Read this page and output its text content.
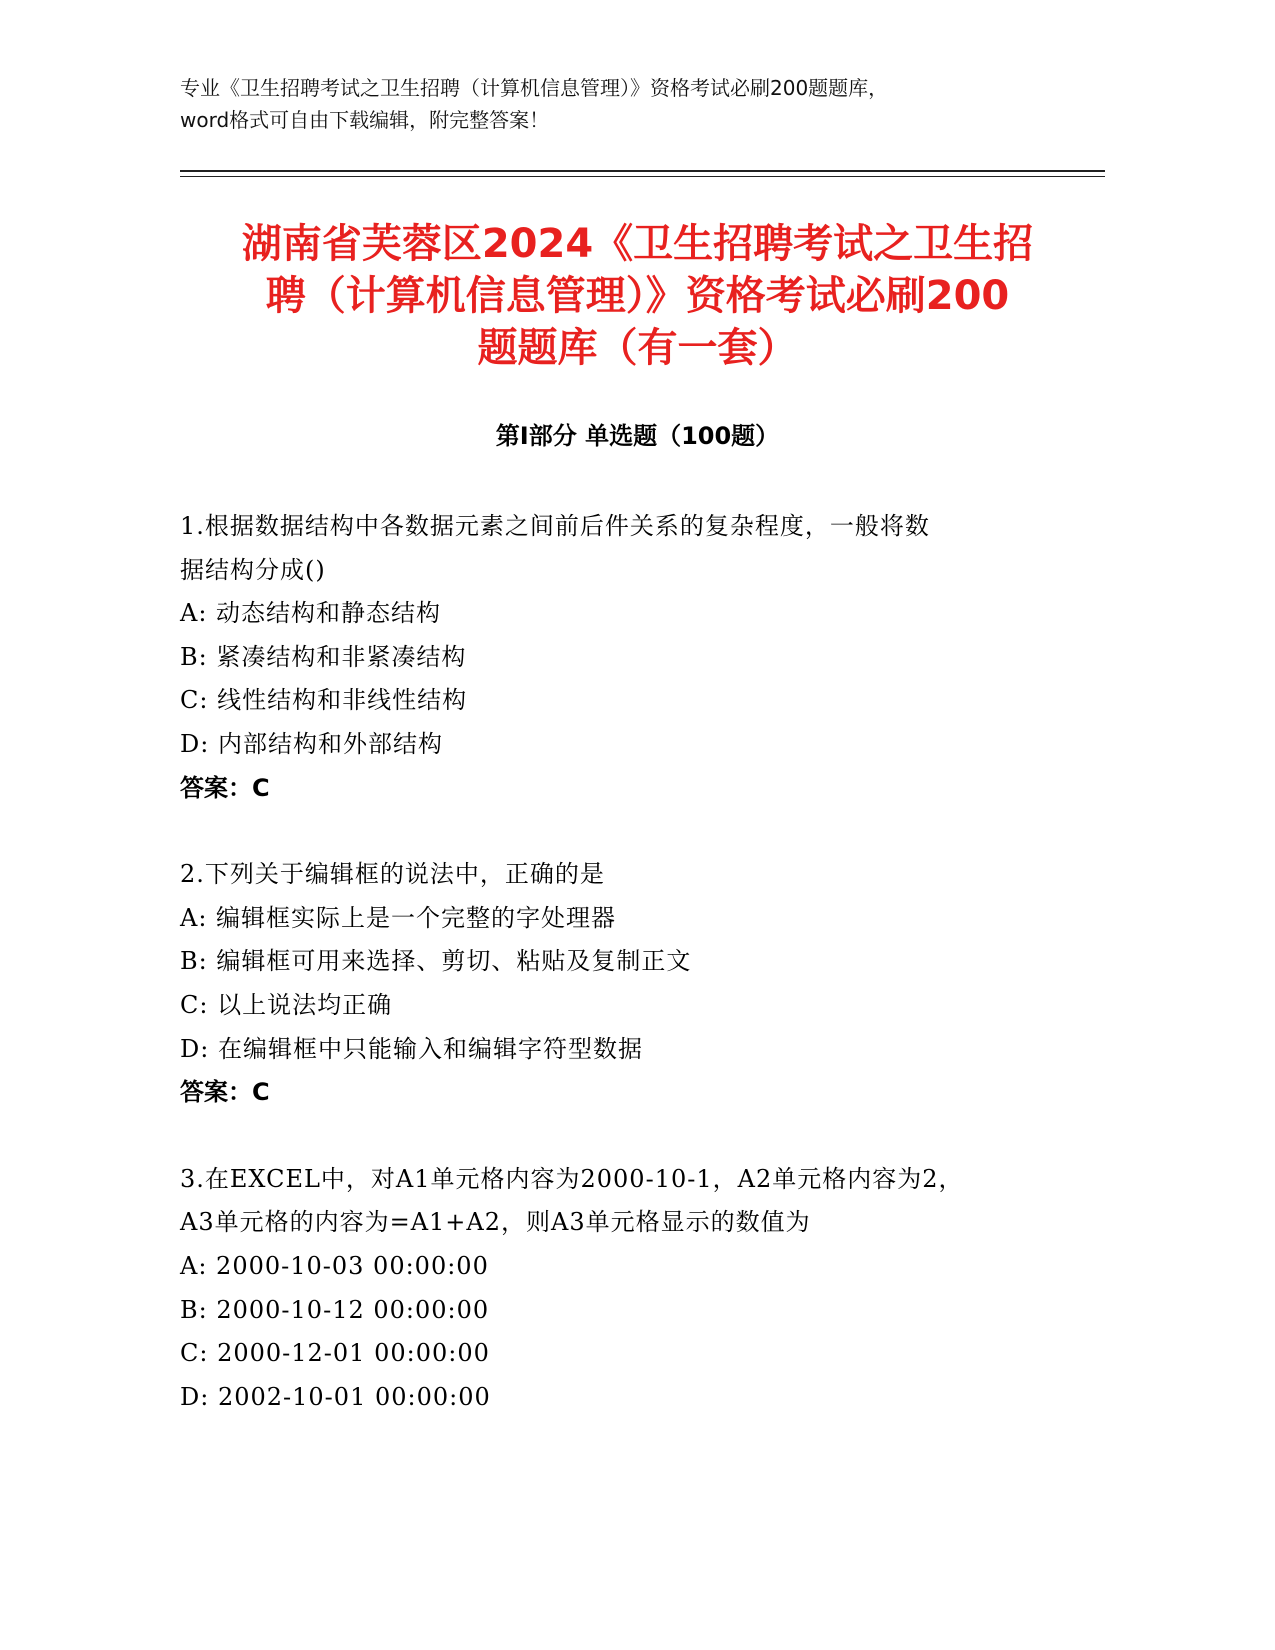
专业《卫生招聘考试之卫生招聘（计算机信息管理）》资格考试必刷200题题库，
word格式可自由下载编辑，附完整答案！
湖南省芙蓉区2024《卫生招聘考试之卫生招
聘（计算机信息管理）》资格考试必刷200
题题库（有一套）
第Ⅰ部分 单选题（100题）

1.根据数据结构中各数据元素之间前后件关系的复杂程度，一般将数

据结构分成()

A: 动态结构和静态结构

B: 紧凑结构和非紧凑结构

C: 线性结构和非线性结构

D: 内部结构和外部结构

答案：C

2.下列关于编辑框的说法中，正确的是

A: 编辑框实际上是一个完整的字处理器

B: 编辑框可用来选择、剪切、粘贴及复制正文

C: 以上说法均正确

D: 在编辑框中只能输入和编辑字符型数据

答案：C

3.在EXCEL中，对A1单元格内容为2000-10-1，A2单元格内容为2，

A3单元格的内容为=A1+A2，则A3单元格显示的数值为

A: 2000-10-03 00:00:00

B: 2000-10-12 00:00:00

C: 2000-12-01 00:00:00

D: 2002-10-01 00:00:00
